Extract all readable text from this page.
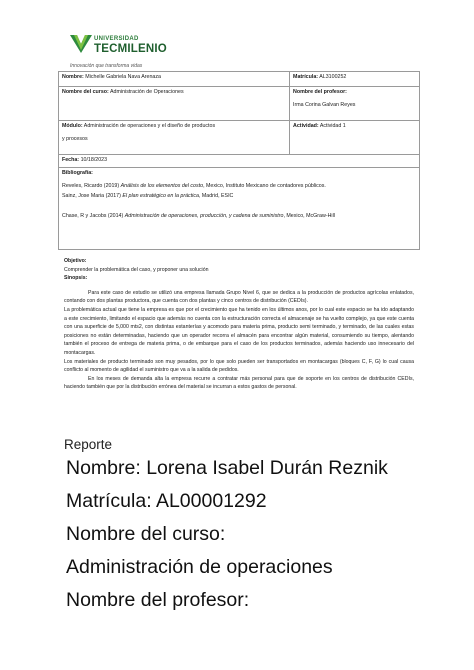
UNIVERSIDAD
TECMILENIO
Innovación que transforma vidas
Nombre: Michelle Gabriela Nava Arenaza	Matrícula: AL3100252
Nombre del curso: Administración de Operaciones	Nombre del profesor:
Irma Corina Galvan Reyes
Módulo: Administración de operaciones y el diseño de productos
y procesos	Actividad: Actividad 1
Fecha: 10/18/2023	
Bibliografía:
Reveles, Ricardo (2019) Análisis de los elementos del costo, Mexico, Instituto Mexicano de contadores públicos.
Sainz, Jose Maria (2017) El plan estratégico en la práctica, Madrid, ESIC
Chase, R y Jacobs (2014) Administración de operaciones, producción, y cadena de suministro, Mexico, McGraw-Hill	

Objetivo:

Comprender la problemática del caso, y proponer una solución

Sinopsis:

Para este caso de estudio se utilizó una empresa llamada Grupo Nivel 6, que se dedica a la producción de productos agrícolas enlatados, contando con dos plantas productora, que cuenta con dos plantas y cinco centros de distribución (CEDIs).

La problemática actual que tiene la empresa es que por el crecimiento que ha tenido en los últimos anos, por lo cual este espacio se ha ido adaptando a este crecimiento, limitando el espacio que además no cuenta con la estructuración correcta el almacenaje se ha vuelto complejo, ya que este cuenta con una superficie de 5,000 mts2, con distintas estanterías y acomodo para materia prima, producto semi terminado, y terminado, de las cuales estas posiciones no están determinadas, haciendo que un operador recorra el almacén para encontrar algún material, consumiendo su tiempo, alentando también el proceso de entrega de materia prima, o de embarque para el caso de los productos terminados, además haciendo uso innecesario del montacargas.

Los materiales de producto terminado son muy pesados, por lo que solo pueden ser transportados en montacargas (bloques C, F, G) lo cual causa conflicto al momento de agilidad el suministro que va a la salida de pedidos.

En los meses de demanda alta la empresa recurre a contratar más personal para que de soporte en los centros de distribución CEDIs, haciendo también que por la distribución errónea del material se incurran a estos gastos de personal.

Reporte
Nombre: Lorena Isabel Durán Reznik
Matrícula: AL00001292
Nombre del curso:
Administración de operaciones
Nombre del profesor:
